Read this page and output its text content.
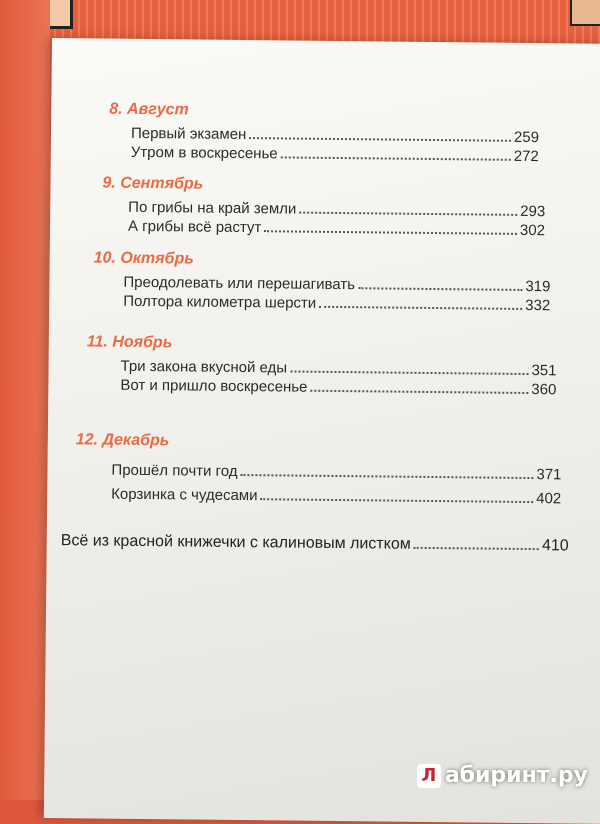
8. Август
Первый экзамен	259
Утром в воскресенье	272
9. Сентябрь
По грибы на край земли	293
А грибы всё растут	302
10. Октябрь
Преодолевать или перешагивать	319
Полтора километра шерсти	332
11. Ноябрь
Три закона вкусной еды	351
Вот и пришло воскресенье	360
12. Декабрь
Прошёл почти год	371
Корзинка с чудесами	402
Всё из красной книжечки с калиновым листком	410
Л абиринт.ру
